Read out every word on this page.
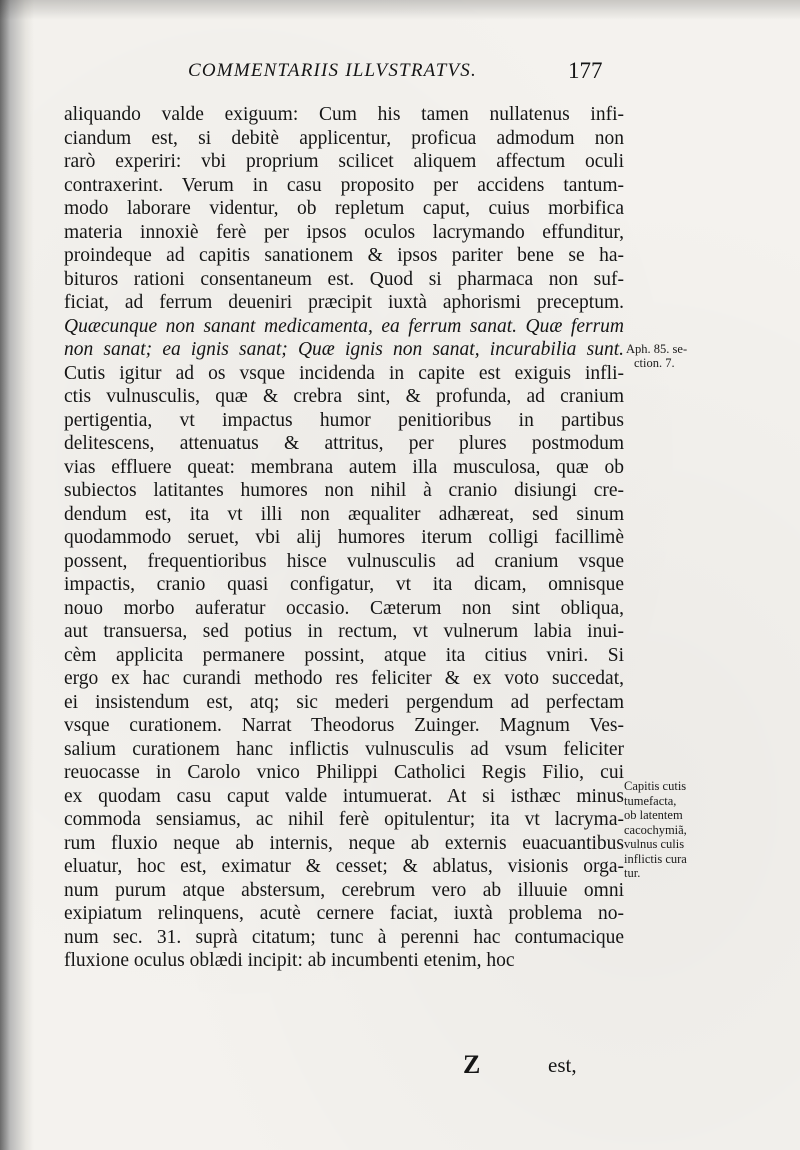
COMMENTARIIS ILLVSTRATVS.	177
aliquando valde exiguum: Cum his tamen nullatenus infi-
ciandum est, si debitè applicentur, proficua admodum non
rarò experiri: vbi proprium scilicet aliquem affectum oculi
contraxerint. Verum in casu proposito per accidens tantum-
modo laborare videntur, ob repletum caput, cuius morbifica
materia innoxiè ferè per ipsos oculos lacrymando effunditur,
proindeque ad capitis sanationem & ipsos pariter bene se ha-
bituros rationi consentaneum est. Quod si pharmaca non suf-
ficiat, ad ferrum deueniri præcipit iuxtà aphorismi preceptum.
Quæcunque non sanant medicamenta, ea ferrum sanat. Quæ ferrum
non sanat; ea ignis sanat; Quæ ignis non sanat, incurabilia sunt.
Cutis igitur ad os vsque incidenda in capite est exiguis infli-
ctis vulnusculis, quæ & crebra sint, & profunda, ad cranium
pertigentia, vt impactus humor penitioribus in partibus
delitescens, attenuatus & attritus, per plures postmodum
vias effluere queat: membrana autem illa musculosa, quæ ob
subiectos latitantes humores non nihil à cranio disiungi cre-
dendum est, ita vt illi non æqualiter adhæreat, sed sinum
quodammodo seruet, vbi alij humores iterum colligi facillimè
possent, frequentioribus hisce vulnusculis ad cranium vsque
impactis, cranio quasi configatur, vt ita dicam, omnisque
nouo morbo auferatur occasio. Cæterum non sint obliqua,
aut transuersa, sed potius in rectum, vt vulnerum labia inui-
cèm applicita permanere possint, atque ita citius vniri. Si
ergo ex hac curandi methodo res feliciter & ex voto succedat,
ei insistendum est, atq; sic mederi pergendum ad perfectam
vsque curationem. Narrat Theodorus Zuinger. Magnum Ves-
salium curationem hanc inflictis vulnusculis ad vsum feliciter
reuocasse in Carolo vnico Philippi Catholici Regis Filio, cui
ex quodam casu caput valde intumuerat. At si isthæc minus
commoda sensiamus, ac nihil ferè opitulentur; ita vt lacryma-
rum fluxio neque ab internis, neque ab externis euacuantibus
eluatur, hoc est, eximatur & cesset; & ablatus, visionis orga-
num purum atque abstersum, cerebrum vero ab illuuie omni
exipiatum relinquens, acutè cernere faciat, iuxtà problema no-
num sec. 31. suprà citatum; tunc à perenni hac contumacique
fluxione oculus oblædi incipit: ab incumbenti etenim, hoc
Aph. 85. se-
ction. 7.
Capitis cutis
tumefacta,
ob latentem
cacochymiã,
vulnus culis
inflictis cura
tur.
Z	est,
